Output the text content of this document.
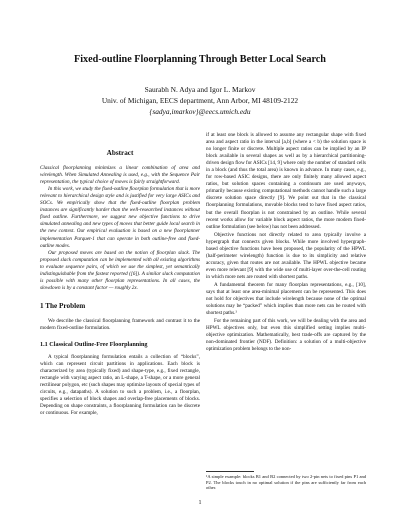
Fixed-outline Floorplanning Through Better Local Search
Saurabh N. Adya and Igor L. Markov
Univ. of Michigan, EECS department, Ann Arbor, MI 48109-2122
{sadya,imarkov}@eecs.umich.edu
Abstract

Classical floorplanning minimizes a linear combination of area and wirelength. When Simulated Annealing is used, e.g., with the Sequence Pair representation, the typical choice of moves is fairly straightforward.

In this work, we study the fixed-outline floorplan formulation that is more relevant to hierarchical design style and is justified for very large ASICs and SOCs. We empirically show that the fixed-outline floorplan problem instances are significantly harder than the well-researched instances without fixed outline. Furthermore, we suggest new objective functions to drive simulated annealing and new types of moves that better guide local search in the new context. Our empirical evaluation is based on a new floorplanner implementation Parquet-1 that can operate in both outline-free and fixed-outline modes.

Our proposed moves are based on the notion of floorplan slack. The proposed slack computation can be implemented with all existing algorithms to evaluate sequence pairs, of which we use the simplest, yet semantically indistinguishable from the fastest reported ([6]). A similar slack computation is possible with many other floorplan representations. In all cases, the slowdown is by a constant factor — roughly 2x.

1 The Problem

We describe the classical floorplanning framework and contrast it to the modern fixed-outline formulation.

1.1 Classical Outline-Free Floorplanning

A typical floorplanning formulation entails a collection of “blocks”, which can represent circuit partitions in applications. Each block is characterized by area (typically fixed) and shape-type, e.g., fixed rectangle, rectangle with varying aspect ratio, an L-shape, a T-shape, or a more general rectilinear polygon, etc (such shapes may optimize layouts of special types of circuits, e.g., datapaths). A solution to such a problem, i.e., a floorplan, specifies a selection of block shapes and overlap-free placements of blocks. Depending on shape constraints, a floorplanning formulation can be discrete or continuous. For example,

if at least one block is allowed to assume any rectangular shape with fixed area and aspect ratio in the interval [a,b] (where a < b) the solution space is no longer finite or discrete. Multiple aspect ratios can be implied by an IP block available in several shapes as well as by a hierarchical partitioning-driven design flow for ASICs [14, 9] where only the number of standard cells in a block (and thus the total area) is known in advance. In many cases, e.g., for row-based ASIC designs, there are only finitely many allowed aspect ratios, but solution spaces containing a continuum are used anyways, primarily because existing computational methods cannot handle such a large discrete solution space directly [9]. We point out that in the classical floorplanning formulations, movable blocks tend to have fixed aspect ratios, but the overall floorplan is not constrained by an outline. While several recent works allow for variable block aspect ratios, the more modern fixed-outline formulation (see below) has not been addressed.

Objective functions not directly related to area typically involve a hypergraph that connects given blocks. While more involved hypergraph-based objective functions have been proposed, the popularity of the HPWL (half-perimeter wirelength) function is due to its simplicity and relative accuracy, given that routes are not available. The HPWL objective became even more relevant [9] with the wide use of multi-layer over-the-cell routing in which more nets are routed with shortest paths.

A fundamental theorem for many floorplan representations, e.g., [10], says that at least one area-minimal placement can be represented. This does not hold for objectives that include wirelength because none of the optimal solutions may be “packed” which implies than more nets can be routed with shortest paths.¹

For the remaining part of this work, we will be dealing with the area and HPWL objectives only, but even this simplified setting implies multi-objective optimization. Mathematically, best trade-offs are captured by the non-dominated frontier (NDF). Definition: a solution of a multi-objective optimization problem belongs to the non-

¹A simple example: blocks B1 and B2 connected by two 2-pin nets to fixed pins P1 and P2. The blocks touch in no optimal solution if the pins are sufficiently far from each other.
1
